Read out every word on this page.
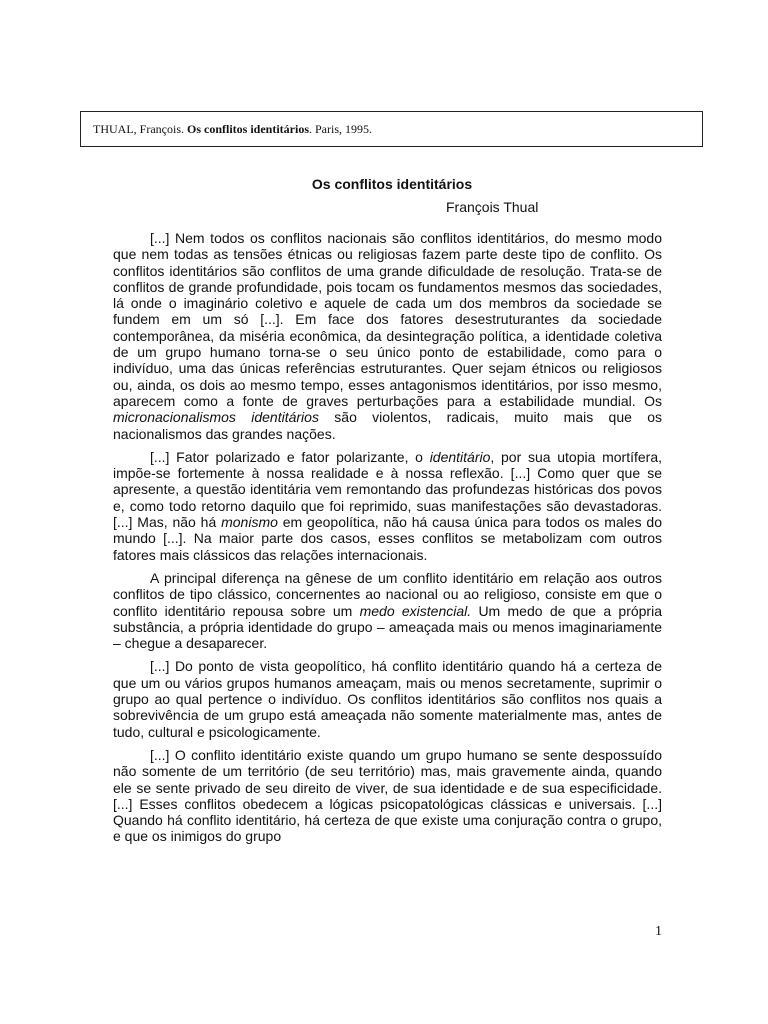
THUAL, François. Os conflitos identitários. Paris, 1995.
Os conflitos identitários
François Thual

[...] Nem todos os conflitos nacionais são conflitos identitários, do mesmo modo que nem todas as tensões étnicas ou religiosas fazem parte deste tipo de conflito. Os conflitos identitários são conflitos de uma grande dificuldade de resolução. Trata-se de conflitos de grande profundidade, pois tocam os fundamentos mesmos das sociedades, lá onde o imaginário coletivo e aquele de cada um dos membros da sociedade se fundem em um só [...]. Em face dos fatores desestruturantes da sociedade contemporânea, da miséria econômica, da desintegração política, a identidade coletiva de um grupo humano torna-se o seu único ponto de estabilidade, como para o indivíduo, uma das únicas referências estruturantes. Quer sejam étnicos ou religiosos ou, ainda, os dois ao mesmo tempo, esses antagonismos identitários, por isso mesmo, aparecem como a fonte de graves perturbações para a estabilidade mundial. Os micronacionalismos identitários são violentos, radicais, muito mais que os nacionalismos das grandes nações.

[...] Fator polarizado e fator polarizante, o identitário, por sua utopia mortífera, impõe-se fortemente à nossa realidade e à nossa reflexão. [...] Como quer que se apresente, a questão identitária vem remontando das profundezas históricas dos povos e, como todo retorno daquilo que foi reprimido, suas manifestações são devastadoras. [...] Mas, não há monismo em geopolítica, não há causa única para todos os males do mundo [...]. Na maior parte dos casos, esses conflitos se metabolizam com outros fatores mais clássicos das relações internacionais.

A principal diferença na gênese de um conflito identitário em relação aos outros conflitos de tipo clássico, concernentes ao nacional ou ao religioso, consiste em que o conflito identitário repousa sobre um medo existencial. Um medo de que a própria substância, a própria identidade do grupo – ameaçada mais ou menos imaginariamente – chegue a desaparecer.

[...] Do ponto de vista geopolítico, há conflito identitário quando há a certeza de que um ou vários grupos humanos ameaçam, mais ou menos secretamente, suprimir o grupo ao qual pertence o indivíduo. Os conflitos identitários são conflitos nos quais a sobrevivência de um grupo está ameaçada não somente materialmente mas, antes de tudo, cultural e psicologicamente.

[...] O conflito identitário existe quando um grupo humano se sente despossuído não somente de um território (de seu território) mas, mais gravemente ainda, quando ele se sente privado de seu direito de viver, de sua identidade e de sua especificidade. [...] Esses conflitos obedecem a lógicas psicopatológicas clássicas e universais. [...] Quando há conflito identitário, há certeza de que existe uma conjuração contra o grupo, e que os inimigos do grupo

1
